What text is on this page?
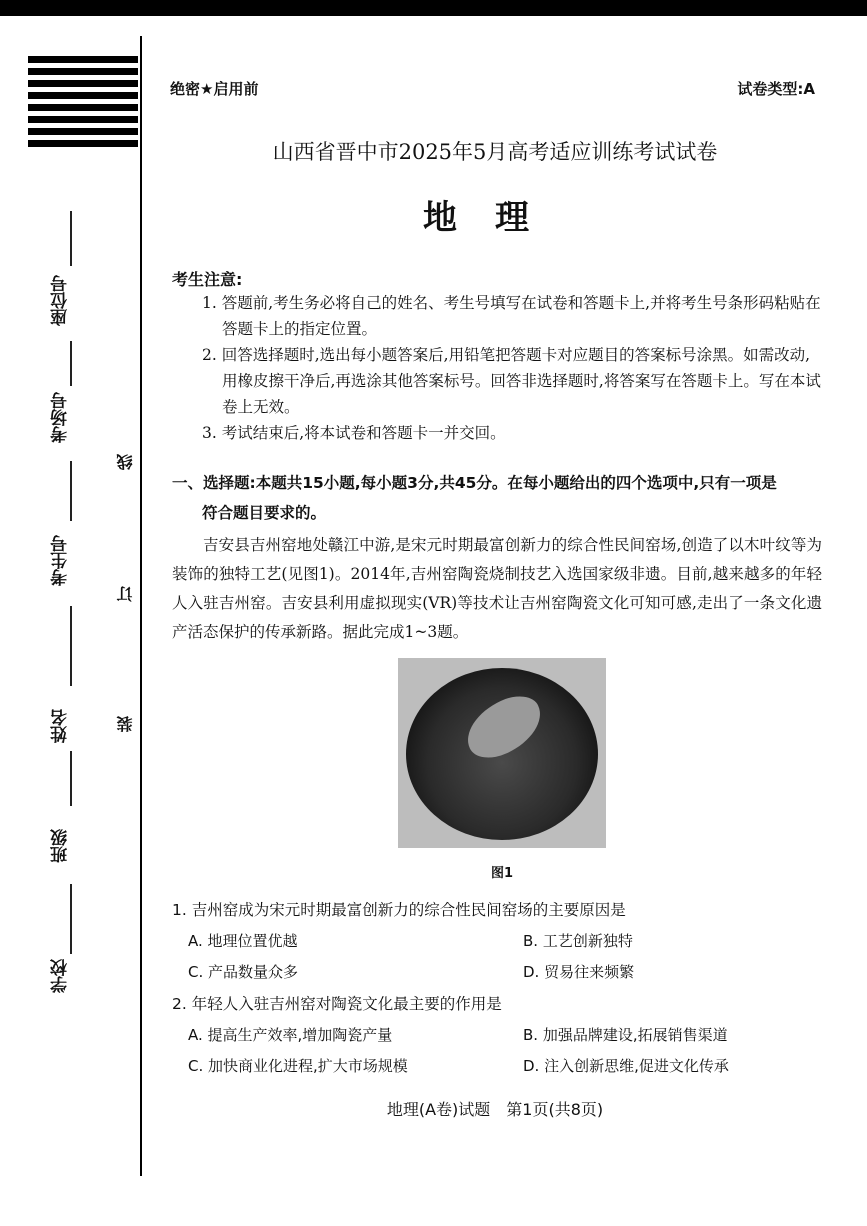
座位号
考场号
考生号
姓名
班级
学校
线
订
装
绝密★启用前	试卷类型:A
山西省晋中市2025年5月高考适应训练考试试卷
地理
考生注意:

1. 答题前,考生务必将自己的姓名、考生号填写在试卷和答题卡上,并将考生号条形码粘贴在答题卡上的指定位置。

2. 回答选择题时,选出每小题答案后,用铅笔把答题卡对应题目的答案标号涂黑。如需改动,用橡皮擦干净后,再选涂其他答案标号。回答非选择题时,将答案写在答题卡上。写在本试卷上无效。

3. 考试结束后,将本试卷和答题卡一并交回。

一、选择题:本题共15小题,每小题3分,共45分。在每小题给出的四个选项中,只有一项是
符合题目要求的。
吉安县吉州窑地处赣江中游,是宋元时期最富创新力的综合性民间窑场,创造了以木叶纹等为装饰的独特工艺(见图1)。2014年,吉州窑陶瓷烧制技艺入选国家级非遗。目前,越来越多的年轻人入驻吉州窑。吉安县利用虚拟现实(VR)等技术让吉州窑陶瓷文化可知可感,走出了一条文化遗产活态保护的传承新路。据此完成1~3题。
图1
1. 吉州窑成为宋元时期最富创新力的综合性民间窑场的主要原因是
A. 地理位置优越	B. 工艺创新独特
C. 产品数量众多	D. 贸易往来频繁
2. 年轻人入驻吉州窑对陶瓷文化最主要的作用是
A. 提高生产效率,增加陶瓷产量	B. 加强品牌建设,拓展销售渠道
C. 加快商业化进程,扩大市场规模	D. 注入创新思维,促进文化传承
地理(A卷)试题　第1页(共8页)
